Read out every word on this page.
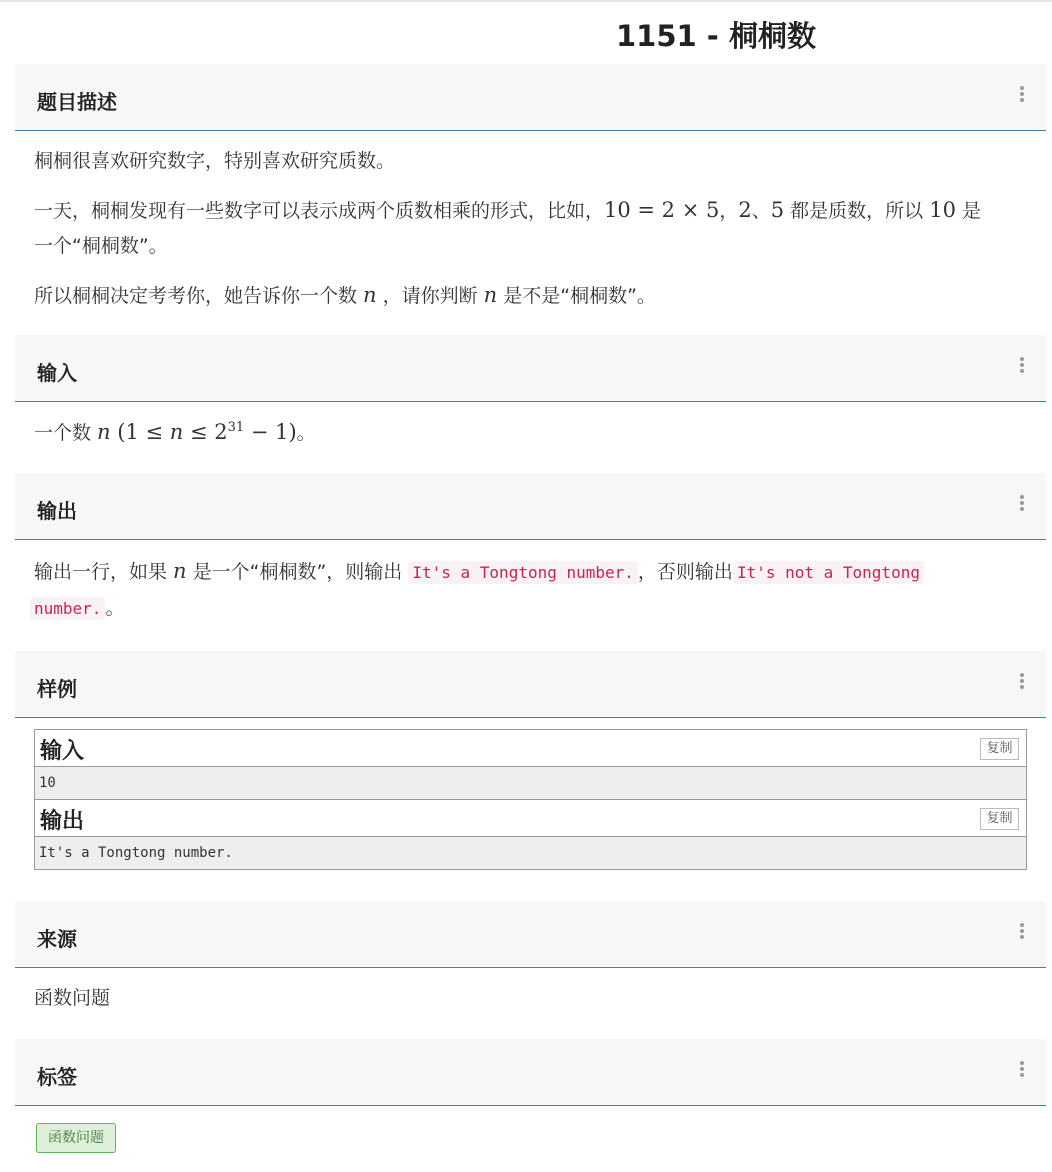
1151 - 桐桐数
题目描述
桐桐很喜欢研究数字，特别喜欢研究质数。
一天，桐桐发现有一些数字可以表示成两个质数相乘的形式，比如，10 = 2 × 5，2、5 都是质数，所以 10 是
一个“桐桐数”。
所以桐桐决定考考你，她告诉你一个数 n ，请你判断 n 是不是“桐桐数”。
输入
一个数 n $(1 \le n \le 2^{31} - 1)$。
输出
输出一行，如果 n 是一个“桐桐数”，则输出 It's a Tongtong number. ，否则输出 It's not a Tongtong
number. 。
样例
输入	复制
10
输出	复制
It's a Tongtong number.
来源
函数问题
标签
函数问题
